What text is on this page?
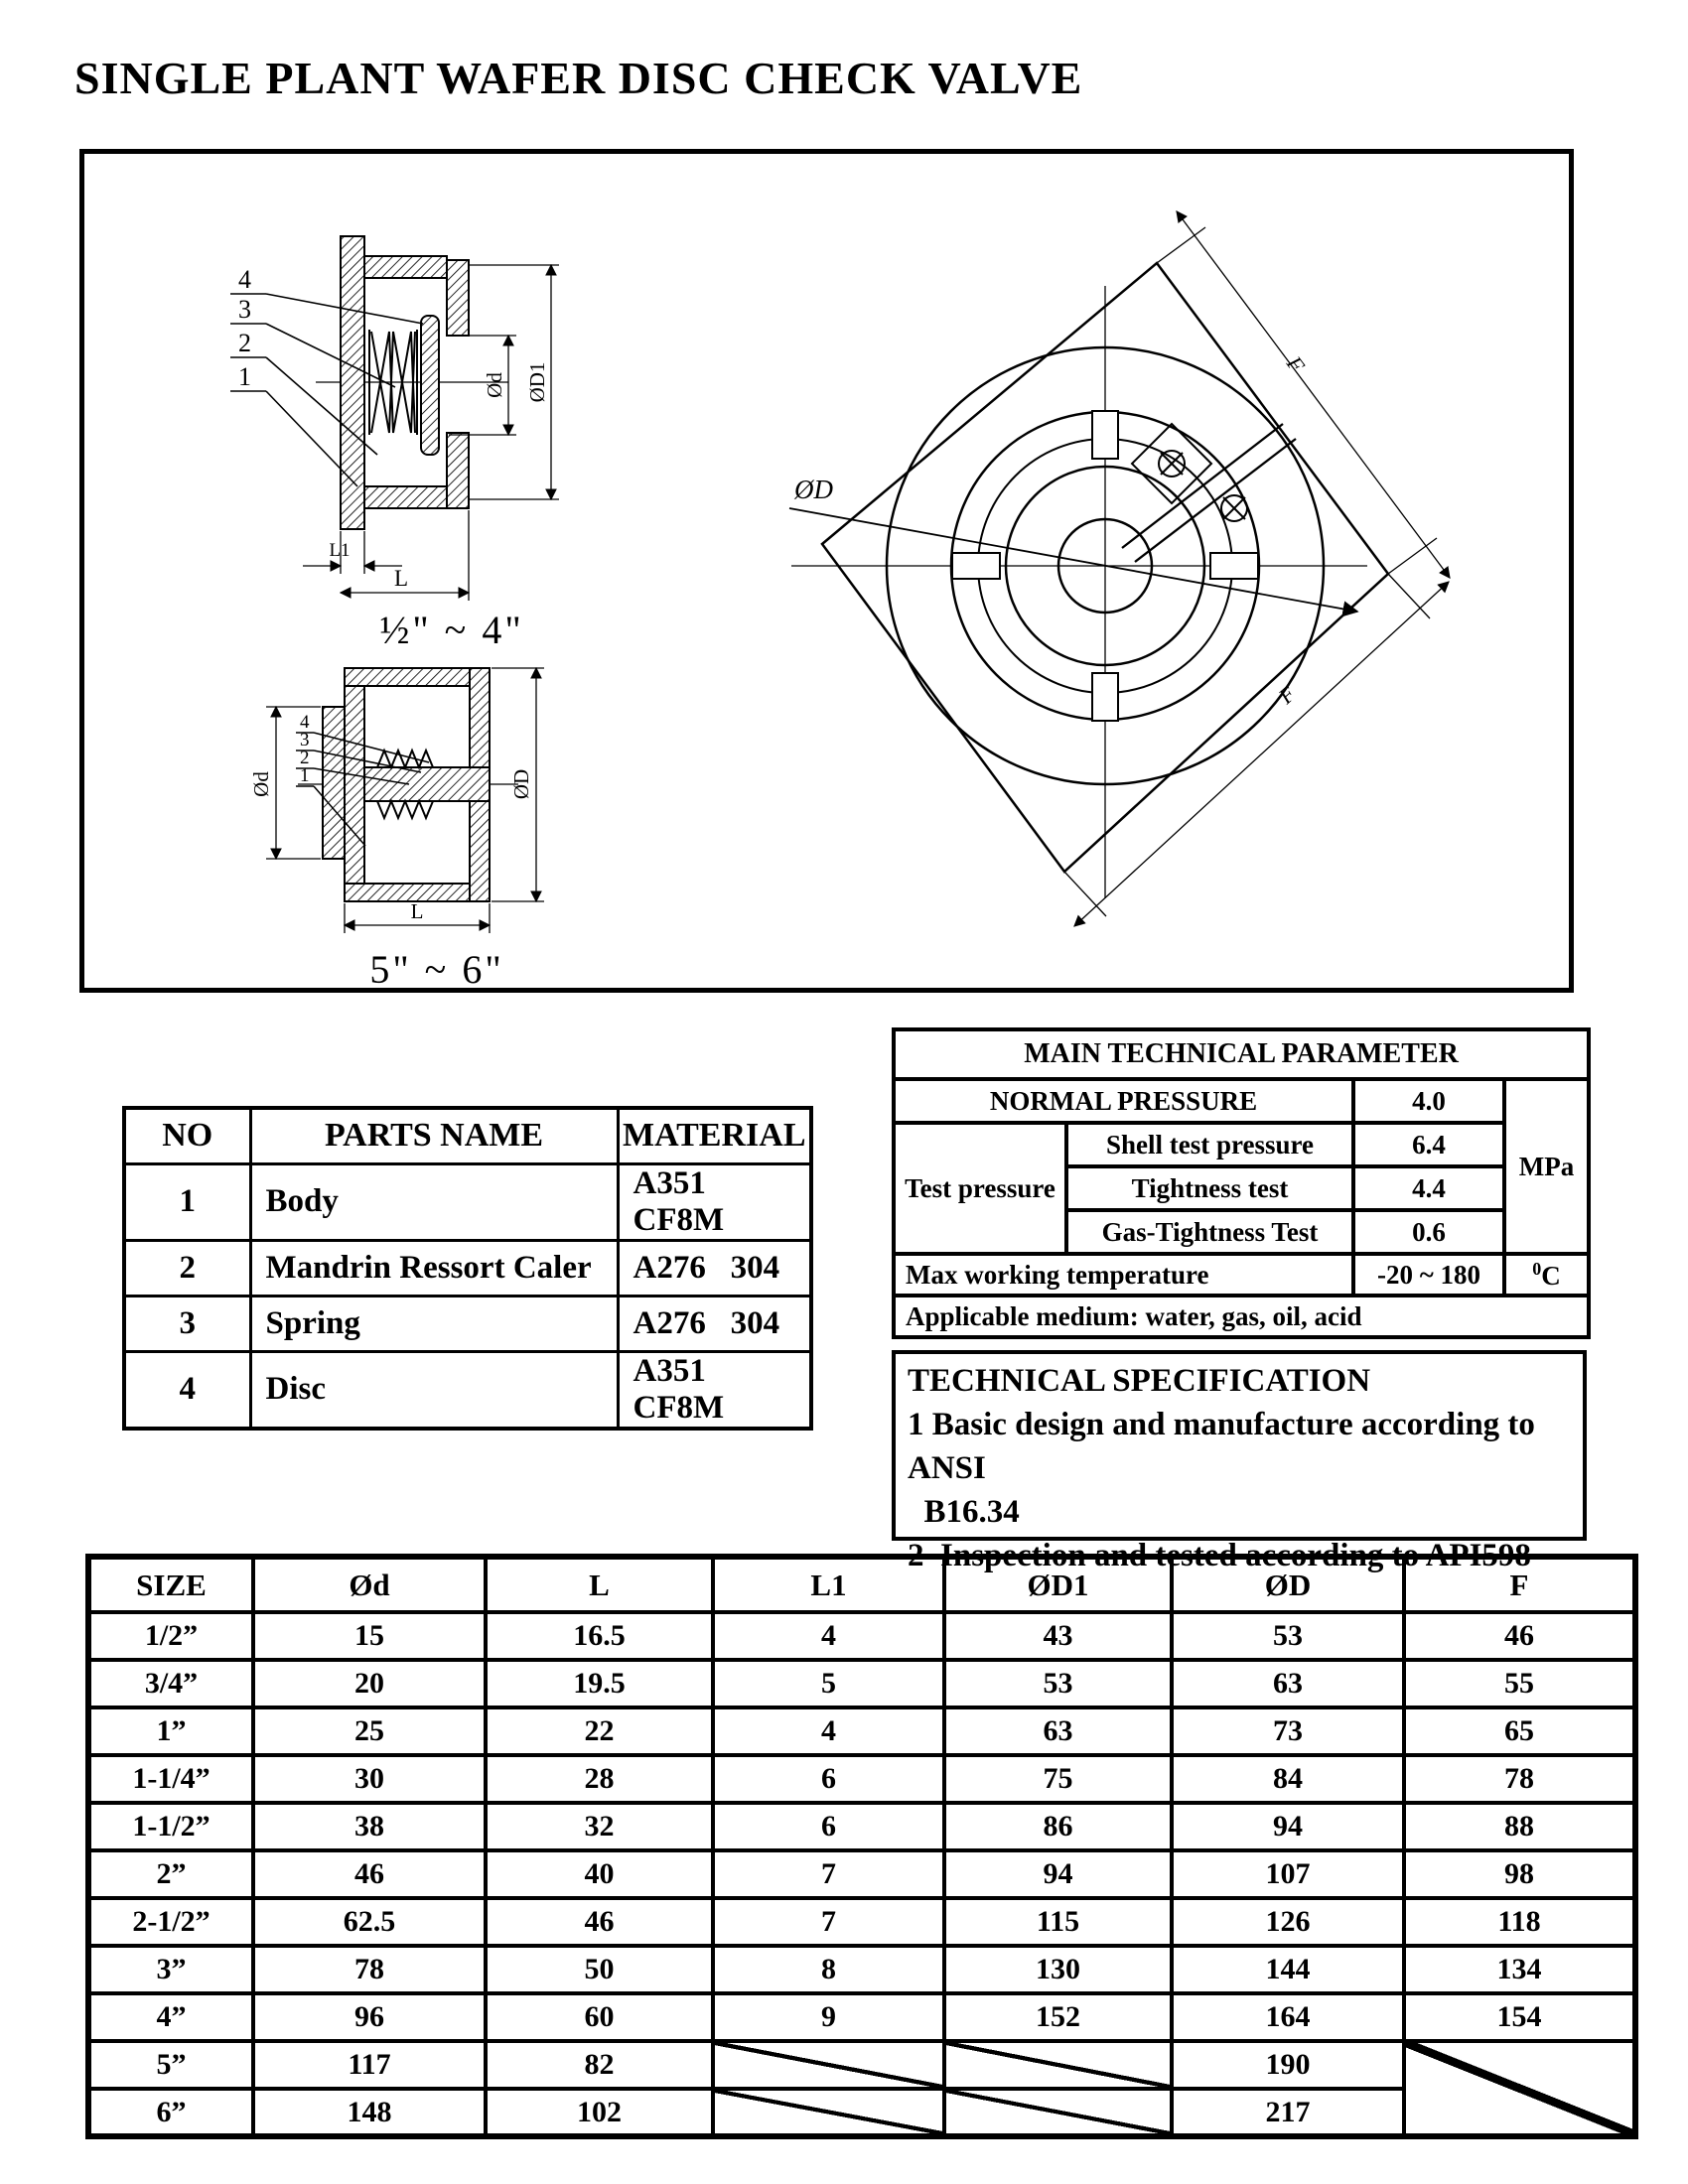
SINGLE PLANT WAFER DISC CHECK VALVE
4
3
2
1	Ød ØD1
L1
L
½" ~ 4"
4
3
2
1
Ød	ØD
L
5" ~ 6"
ØD
F
F
NO	PARTS NAME	MATERIAL
1	Body	A351  CF8M
2	Mandrin Ressort Caler	A276   304
3	Spring	A276   304
4	Disc	A351  CF8M
MAIN TECHNICAL PARAMETER			
NORMAL PRESSURE		4.0	MPa
Test pressure	Shell test pressure	6.4	
	Tightness test	4.4	
	Gas-Tightness Test	0.6	
Max working temperature		-20 ~ 180	$^0$C
Applicable medium: water, gas, oil, acid			
TECHNICAL SPECIFICATION
1 Basic design and manufacture according to ANSI
B16.34
2  Inspection and tested according to API598
SIZE	Ød	L	L1	ØD1	ØD	F
1/2”	15	16.5	4	43	53	46
3/4”	20	19.5	5	53	63	55
1”	25	22	4	63	73	65
1-1/4”	30	28	6	75	84	78
1-1/2”	38	32	6	86	94	88
2”	46	40	7	94	107	98
2-1/2”	62.5	46	7	115	126	118
3”	78	50	8	130	144	134
4”	96	60	9	152	164	154
5”	117	82			190	
6”	148	102			217	
